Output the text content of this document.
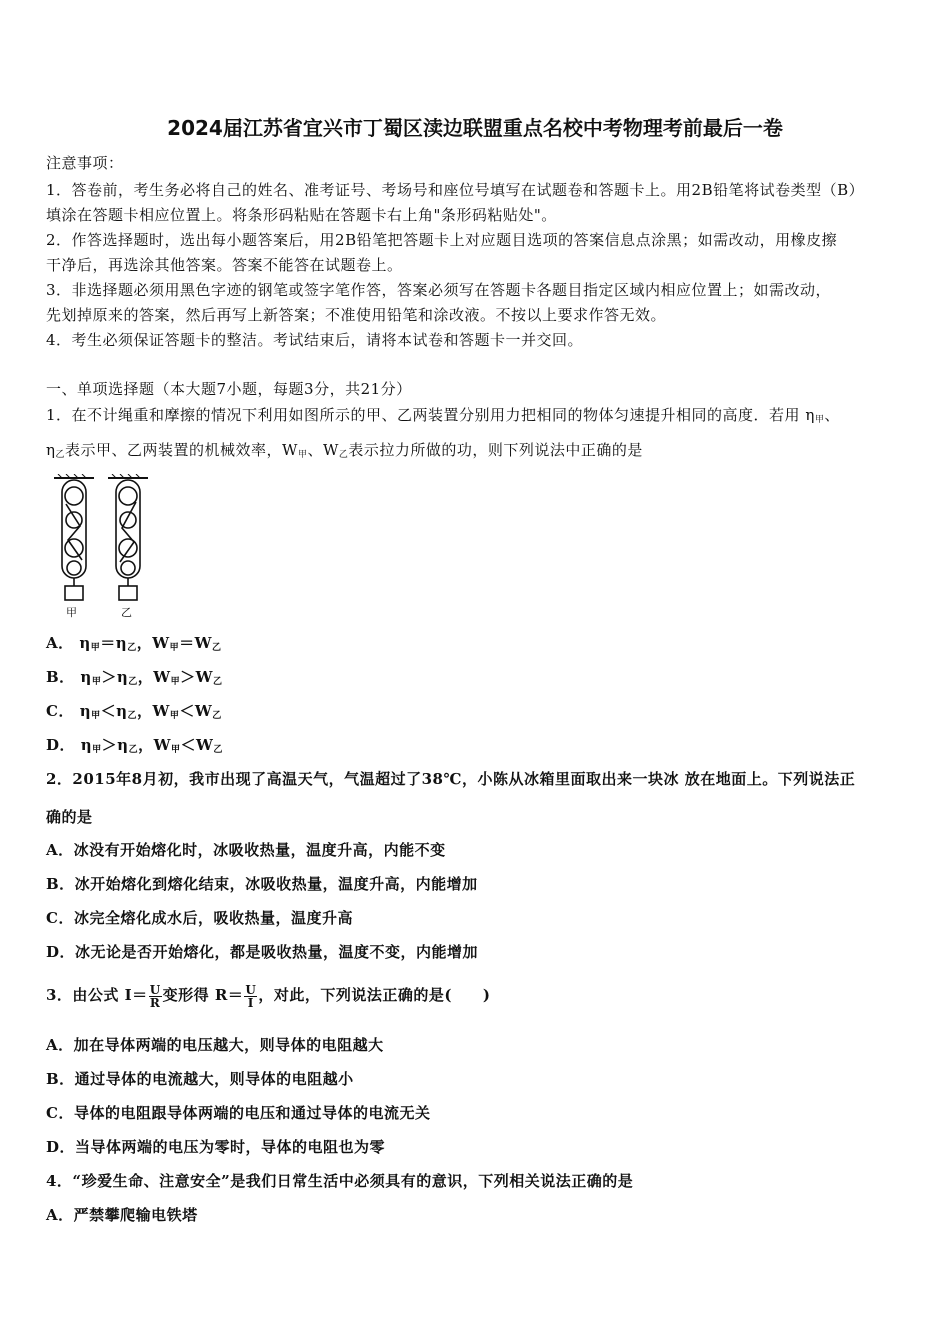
2024届江苏省宜兴市丁蜀区渎边联盟重点名校中考物理考前最后一卷
注意事项：
1．答卷前，考生务必将自己的姓名、准考证号、考场号和座位号填写在试题卷和答题卡上。用2B铅笔将试卷类型（B）
填涂在答题卡相应位置上。将条形码粘贴在答题卡右上角"条形码粘贴处"。
2．作答选择题时，选出每小题答案后，用2B铅笔把答题卡上对应题目选项的答案信息点涂黑；如需改动，用橡皮擦
干净后，再选涂其他答案。答案不能答在试题卷上。
3．非选择题必须用黑色字迹的钢笔或签字笔作答，答案必须写在答题卡各题目指定区域内相应位置上；如需改动，
先划掉原来的答案，然后再写上新答案；不准使用铅笔和涂改液。不按以上要求作答无效。
4．考生必须保证答题卡的整洁。考试结束后，请将本试卷和答题卡一并交回。
一、单项选择题（本大题7小题，每题3分，共21分）
1．在不计绳重和摩擦的情况下利用如图所示的甲、乙两装置分别用力把相同的物体匀速提升相同的高度．若用 $\eta_甲$、
$\eta_乙$表示甲、乙两装置的机械效率，$W_甲$、$W_乙$表示拉力所做的功，则下列说法中正确的是
甲	乙
A． $\eta_甲=\eta_乙$，$W_甲=W_乙$
B． $\eta_甲>\eta_乙$，$W_甲>W_乙$
C． $\eta_甲<\eta_乙$，$W_甲<W_乙$
D． $\eta_甲>\eta_乙$，$W_甲<W_乙$
2．2015年8月初，我市出现了高温天气，气温超过了38℃，小陈从冰箱里面取出来一块冰 放在地面上。下列说法正
确的是
A．冰没有开始熔化时，冰吸收热量，温度升高，内能不变
B．冰开始熔化到熔化结束，冰吸收热量，温度升高，内能增加
C．冰完全熔化成水后，吸收热量，温度升高
D．冰无论是否开始熔化，都是吸收热量，温度不变，内能增加
3．由公式 $I= \frac{U}{R}$ 变形得 $R= \frac{U}{I}$ ，对此，下列说法正确的是(　　)
A．加在导体两端的电压越大，则导体的电阻越大
B．通过导体的电流越大，则导体的电阻越小
C．导体的电阻跟导体两端的电压和通过导体的电流无关
D．当导体两端的电压为零时，导体的电阻也为零
4．“珍爱生命、注意安全”是我们日常生活中必须具有的意识，下列相关说法正确的是
A．严禁攀爬输电铁塔
